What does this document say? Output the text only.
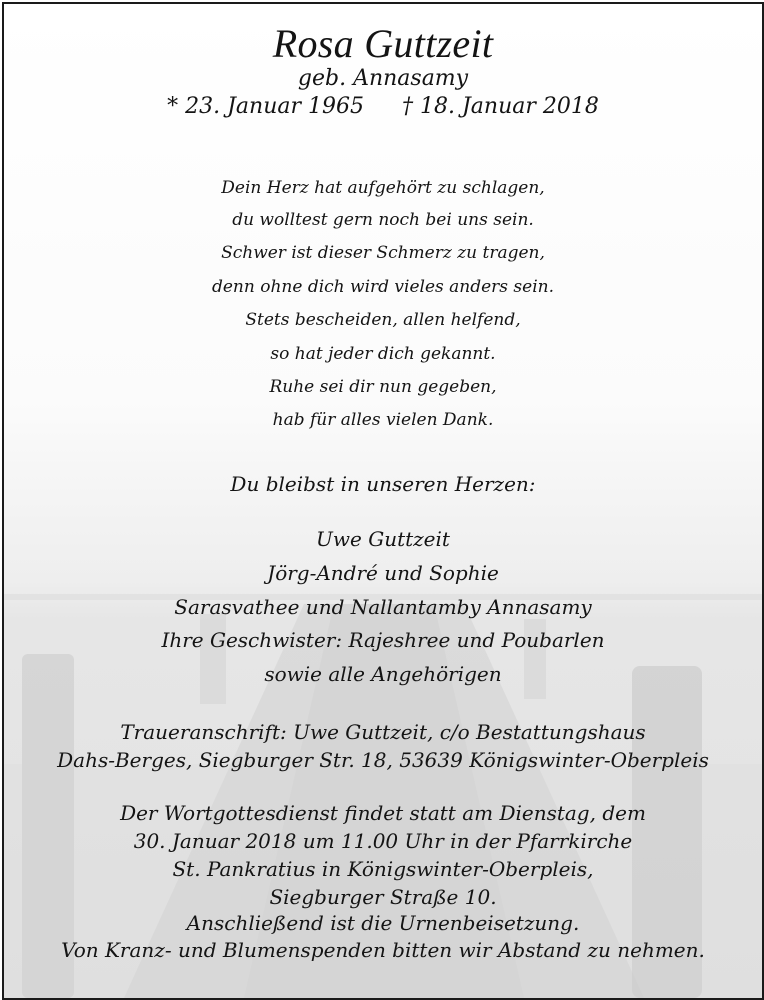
Rosa Guttzeit
geb. Annasamy
* 23. Januar 1965 † 18. Januar 2018
Dein Herz hat aufgehört zu schlagen,
du wolltest gern noch bei uns sein.
Schwer ist dieser Schmerz zu tragen,
denn ohne dich wird vieles anders sein.
Stets bescheiden, allen helfend,
so hat jeder dich gekannt.
Ruhe sei dir nun gegeben,
hab für alles vielen Dank.
Du bleibst in unseren Herzen:
Uwe Guttzeit
Jörg-André und Sophie
Sarasvathee und Nallantamby Annasamy
Ihre Geschwister: Rajeshree und Poubarlen
sowie alle Angehörigen
Traueranschrift: Uwe Guttzeit, c/o Bestattungshaus
Dahs-Berges, Siegburger Str. 18, 53639 Königswinter-Oberpleis
Der Wortgottesdienst findet statt am Dienstag, dem
30. Januar 2018 um 11.00 Uhr in der Pfarrkirche
St. Pankratius in Königswinter-Oberpleis,
Siegburger Straße 10.
Anschließend ist die Urnenbeisetzung.
Von Kranz- und Blumenspenden bitten wir Abstand zu nehmen.
